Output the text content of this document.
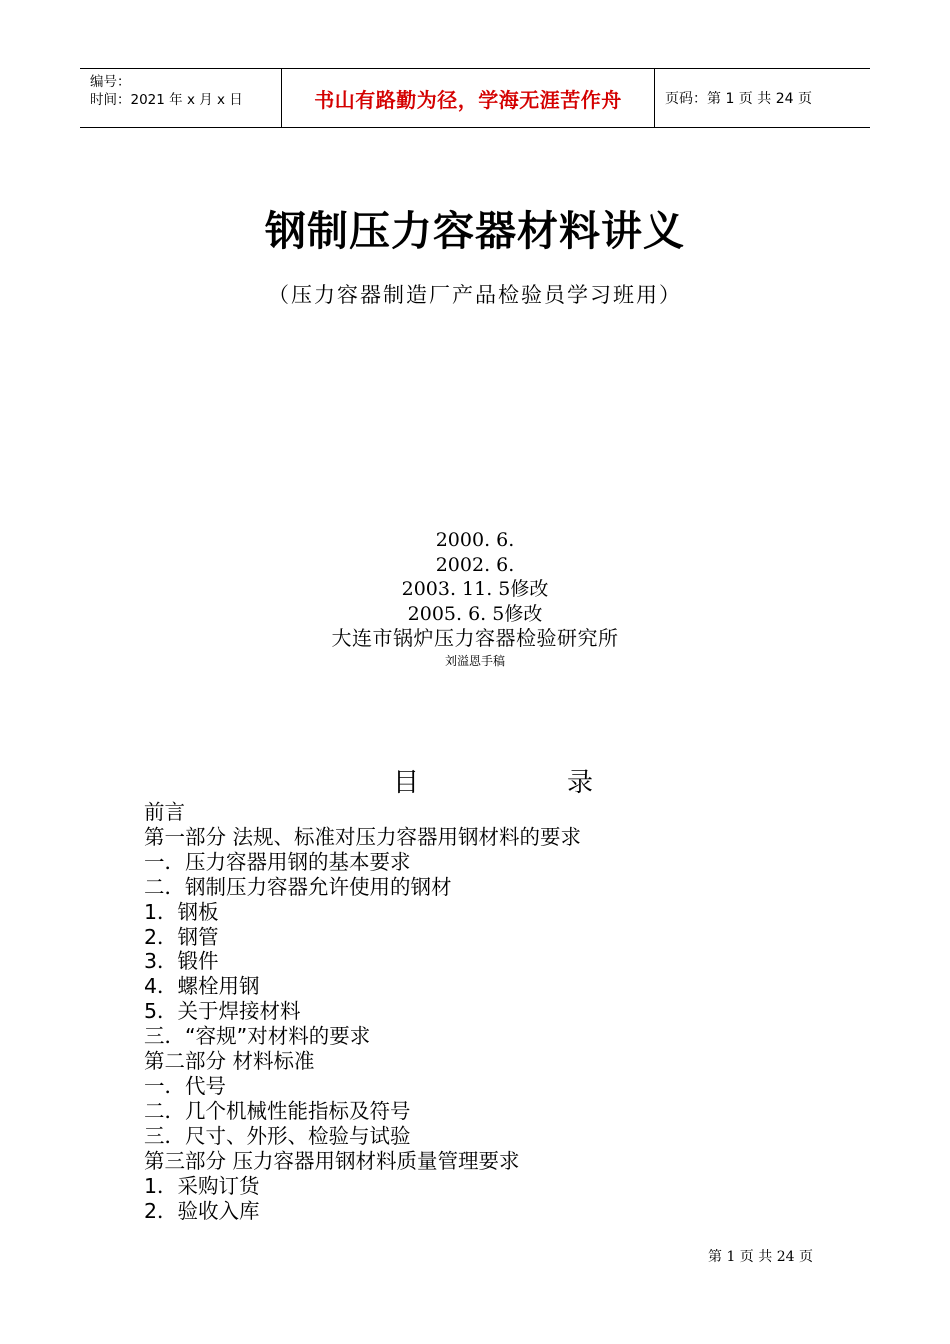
编号：
时间：2021 年 x 月 x 日	书山有路勤为径，学海无涯苦作舟	页码：第 1 页 共 24 页
钢制压力容器材料讲义
（压力容器制造厂产品检验员学习班用）
2000. 6.
2002. 6.
2003. 11. 5修改
2005. 6. 5修改
大连市锅炉压力容器检验研究所
刘溢恩手稿
目	录
前言
第一部分 法规、标准对压力容器用钢材料的要求
一．压力容器用钢的基本要求
二．钢制压力容器允许使用的钢材
1．钢板
2．钢管
3．锻件
4．螺栓用钢
5．关于焊接材料
三．“容规”对材料的要求
第二部分 材料标准
一．代号
二．几个机械性能指标及符号
三．尺寸、外形、检验与试验
第三部分 压力容器用钢材料质量管理要求
1．采购订货
2．验收入库
第 1 页 共 24 页
